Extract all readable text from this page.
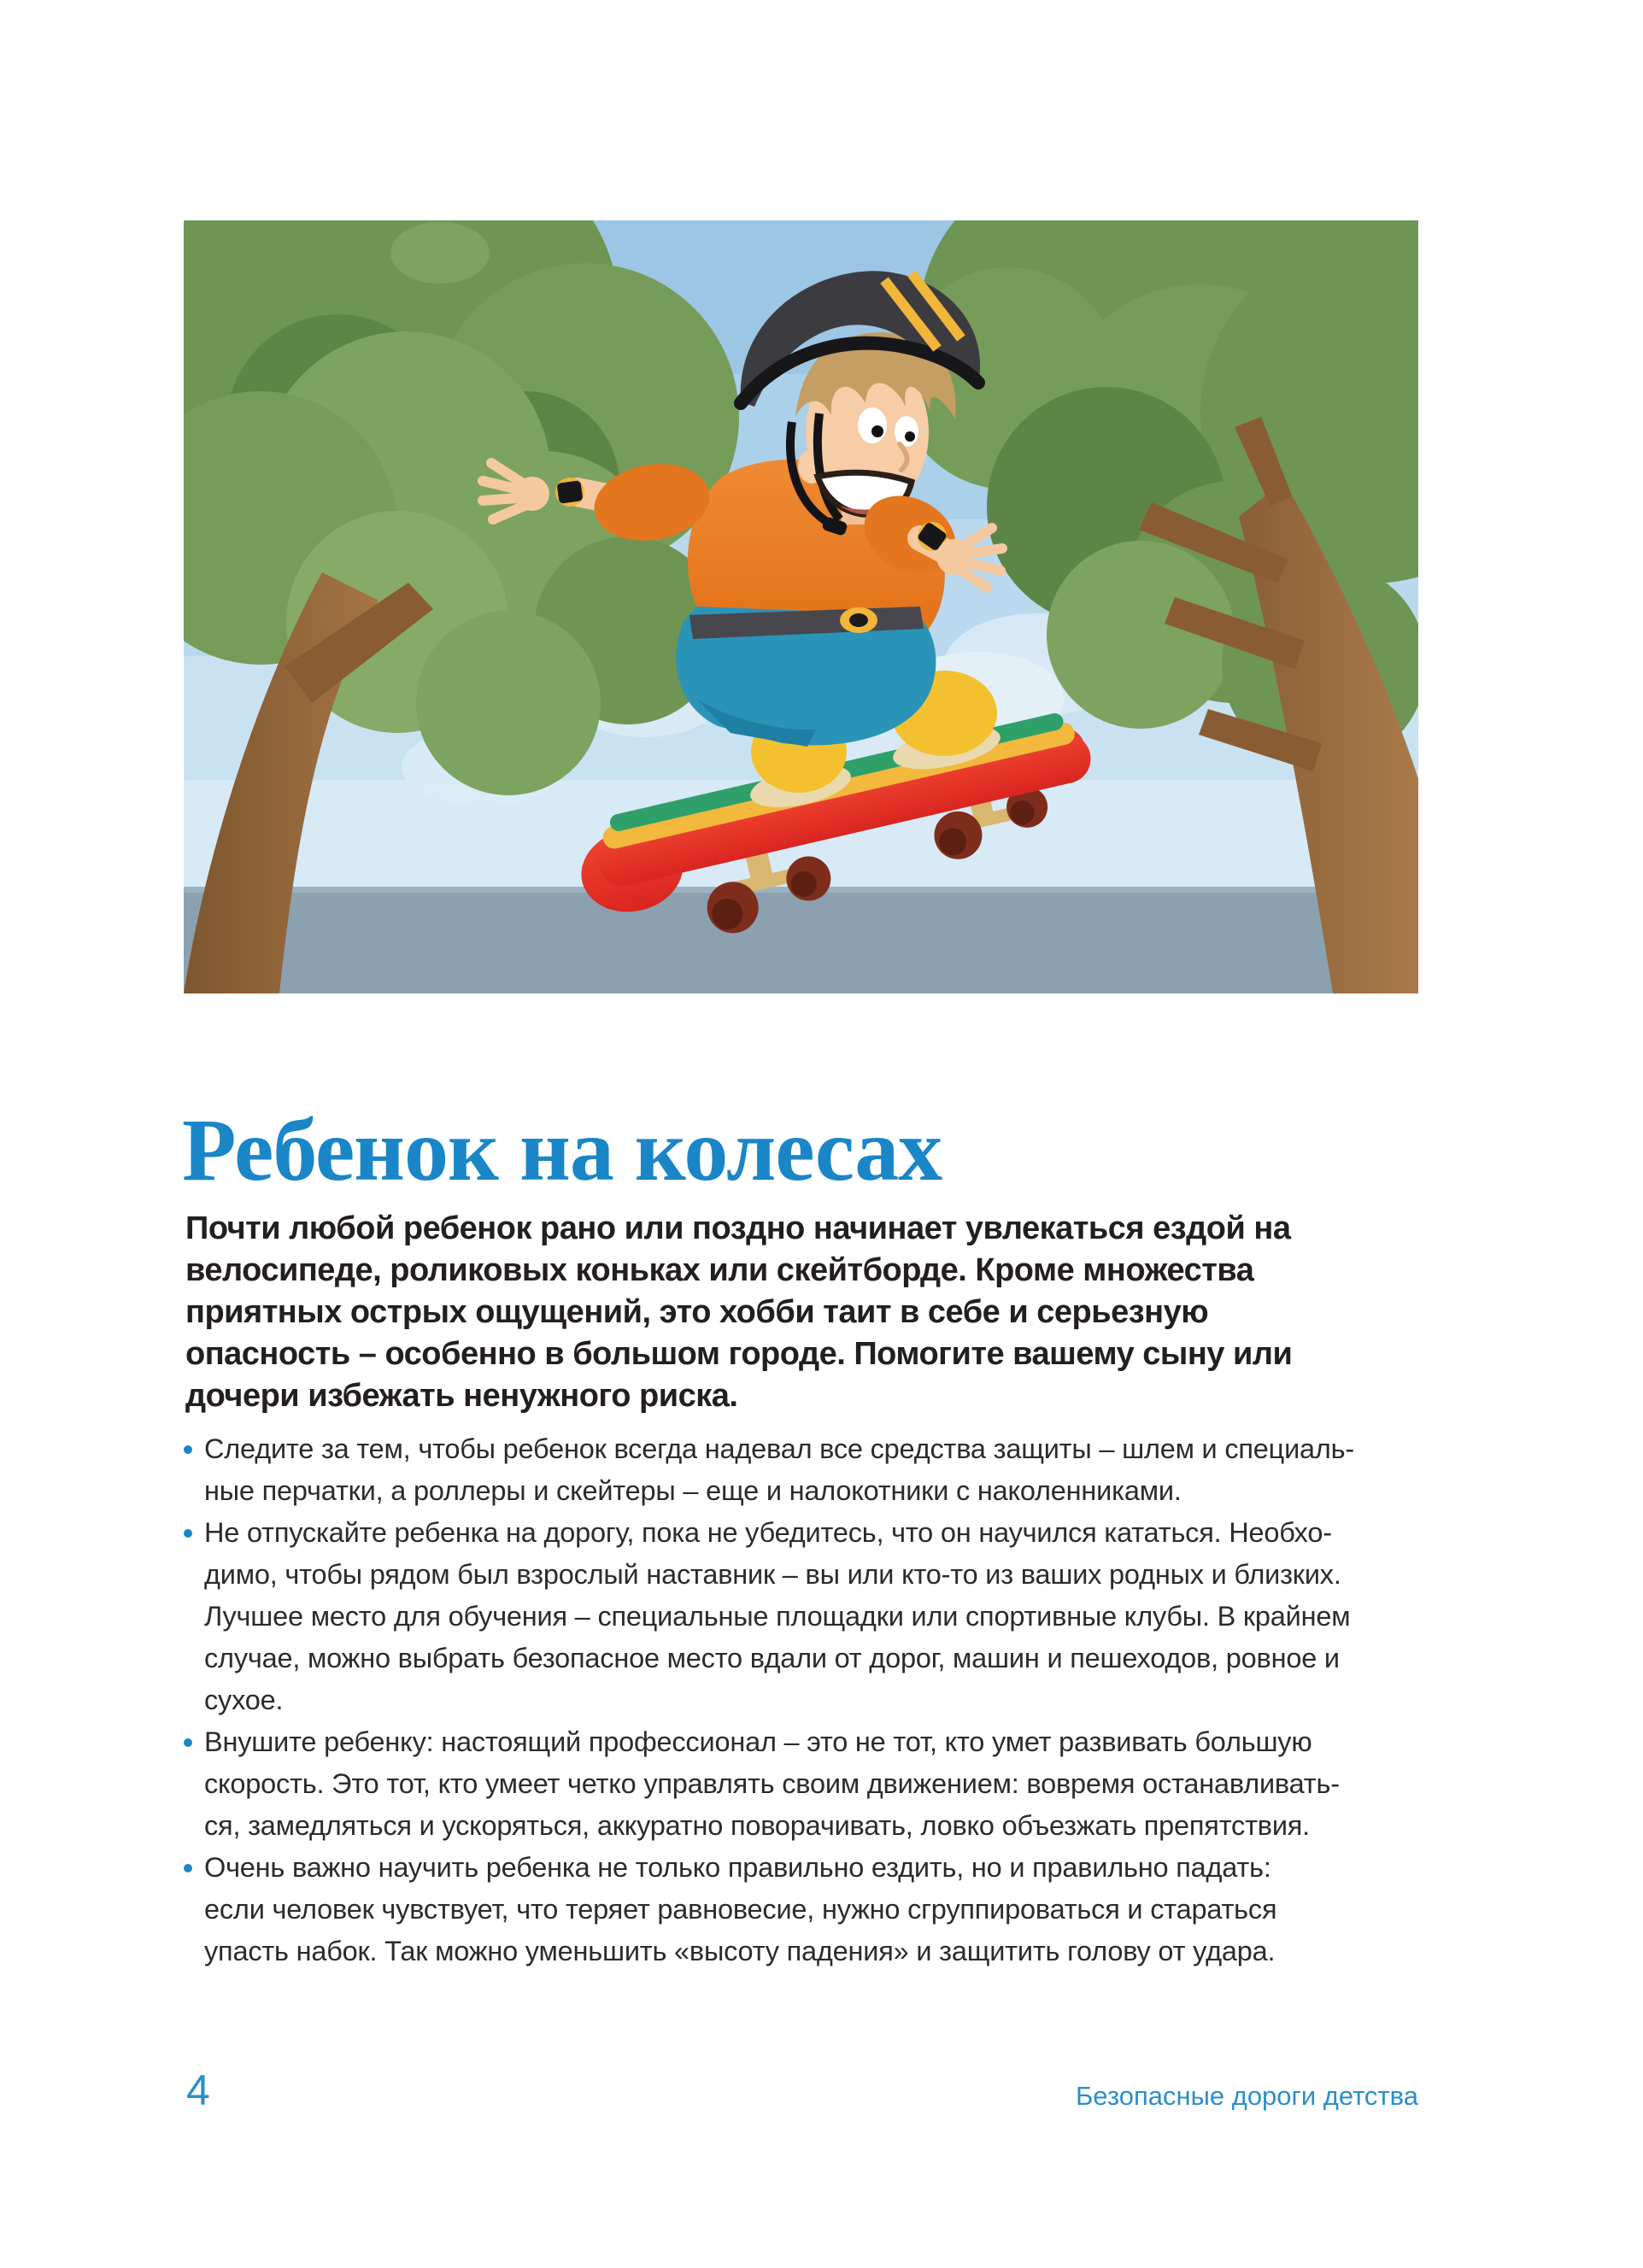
Ребенок на колесах

Почти любой ребенок рано или поздно начинает увлекаться ездой на
велосипеде, роликовых коньках или скейтборде. Кроме множества
приятных острых ощущений, это хобби таит в себе и серьезную
опасность – особенно в большом городе. Помогите вашему сыну или
дочери избежать ненужного риска.

Следите за тем, чтобы ребенок всегда надевал все средства защиты – шлем и специаль-
ные перчатки, а роллеры и скейтеры – еще и налокотники с наколенниками.
Не отпускайте ребенка на дорогу, пока не убедитесь, что он научился кататься. Необхо-
димо, чтобы рядом был взрослый наставник – вы или кто-то из ваших родных и близких.
Лучшее место для обучения – специальные площадки или спортивные клубы. В крайнем
случае, можно выбрать безопасное место вдали от дорог, машин и пешеходов, ровное и
сухое.
Внушите ребенку: настоящий профессионал – это не тот, кто умет развивать большую
скорость. Это тот, кто умеет четко управлять своим движением: вовремя останавливать-
ся, замедляться и ускоряться, аккуратно поворачивать, ловко объезжать препятствия.
Очень важно научить ребенка не только правильно ездить, но и правильно падать:
если человек чувствует, что теряет равновесие, нужно сгруппироваться и стараться
упасть набок. Так можно уменьшить «высоту падения» и защитить голову от удара.
4	Безопасные дороги детства
